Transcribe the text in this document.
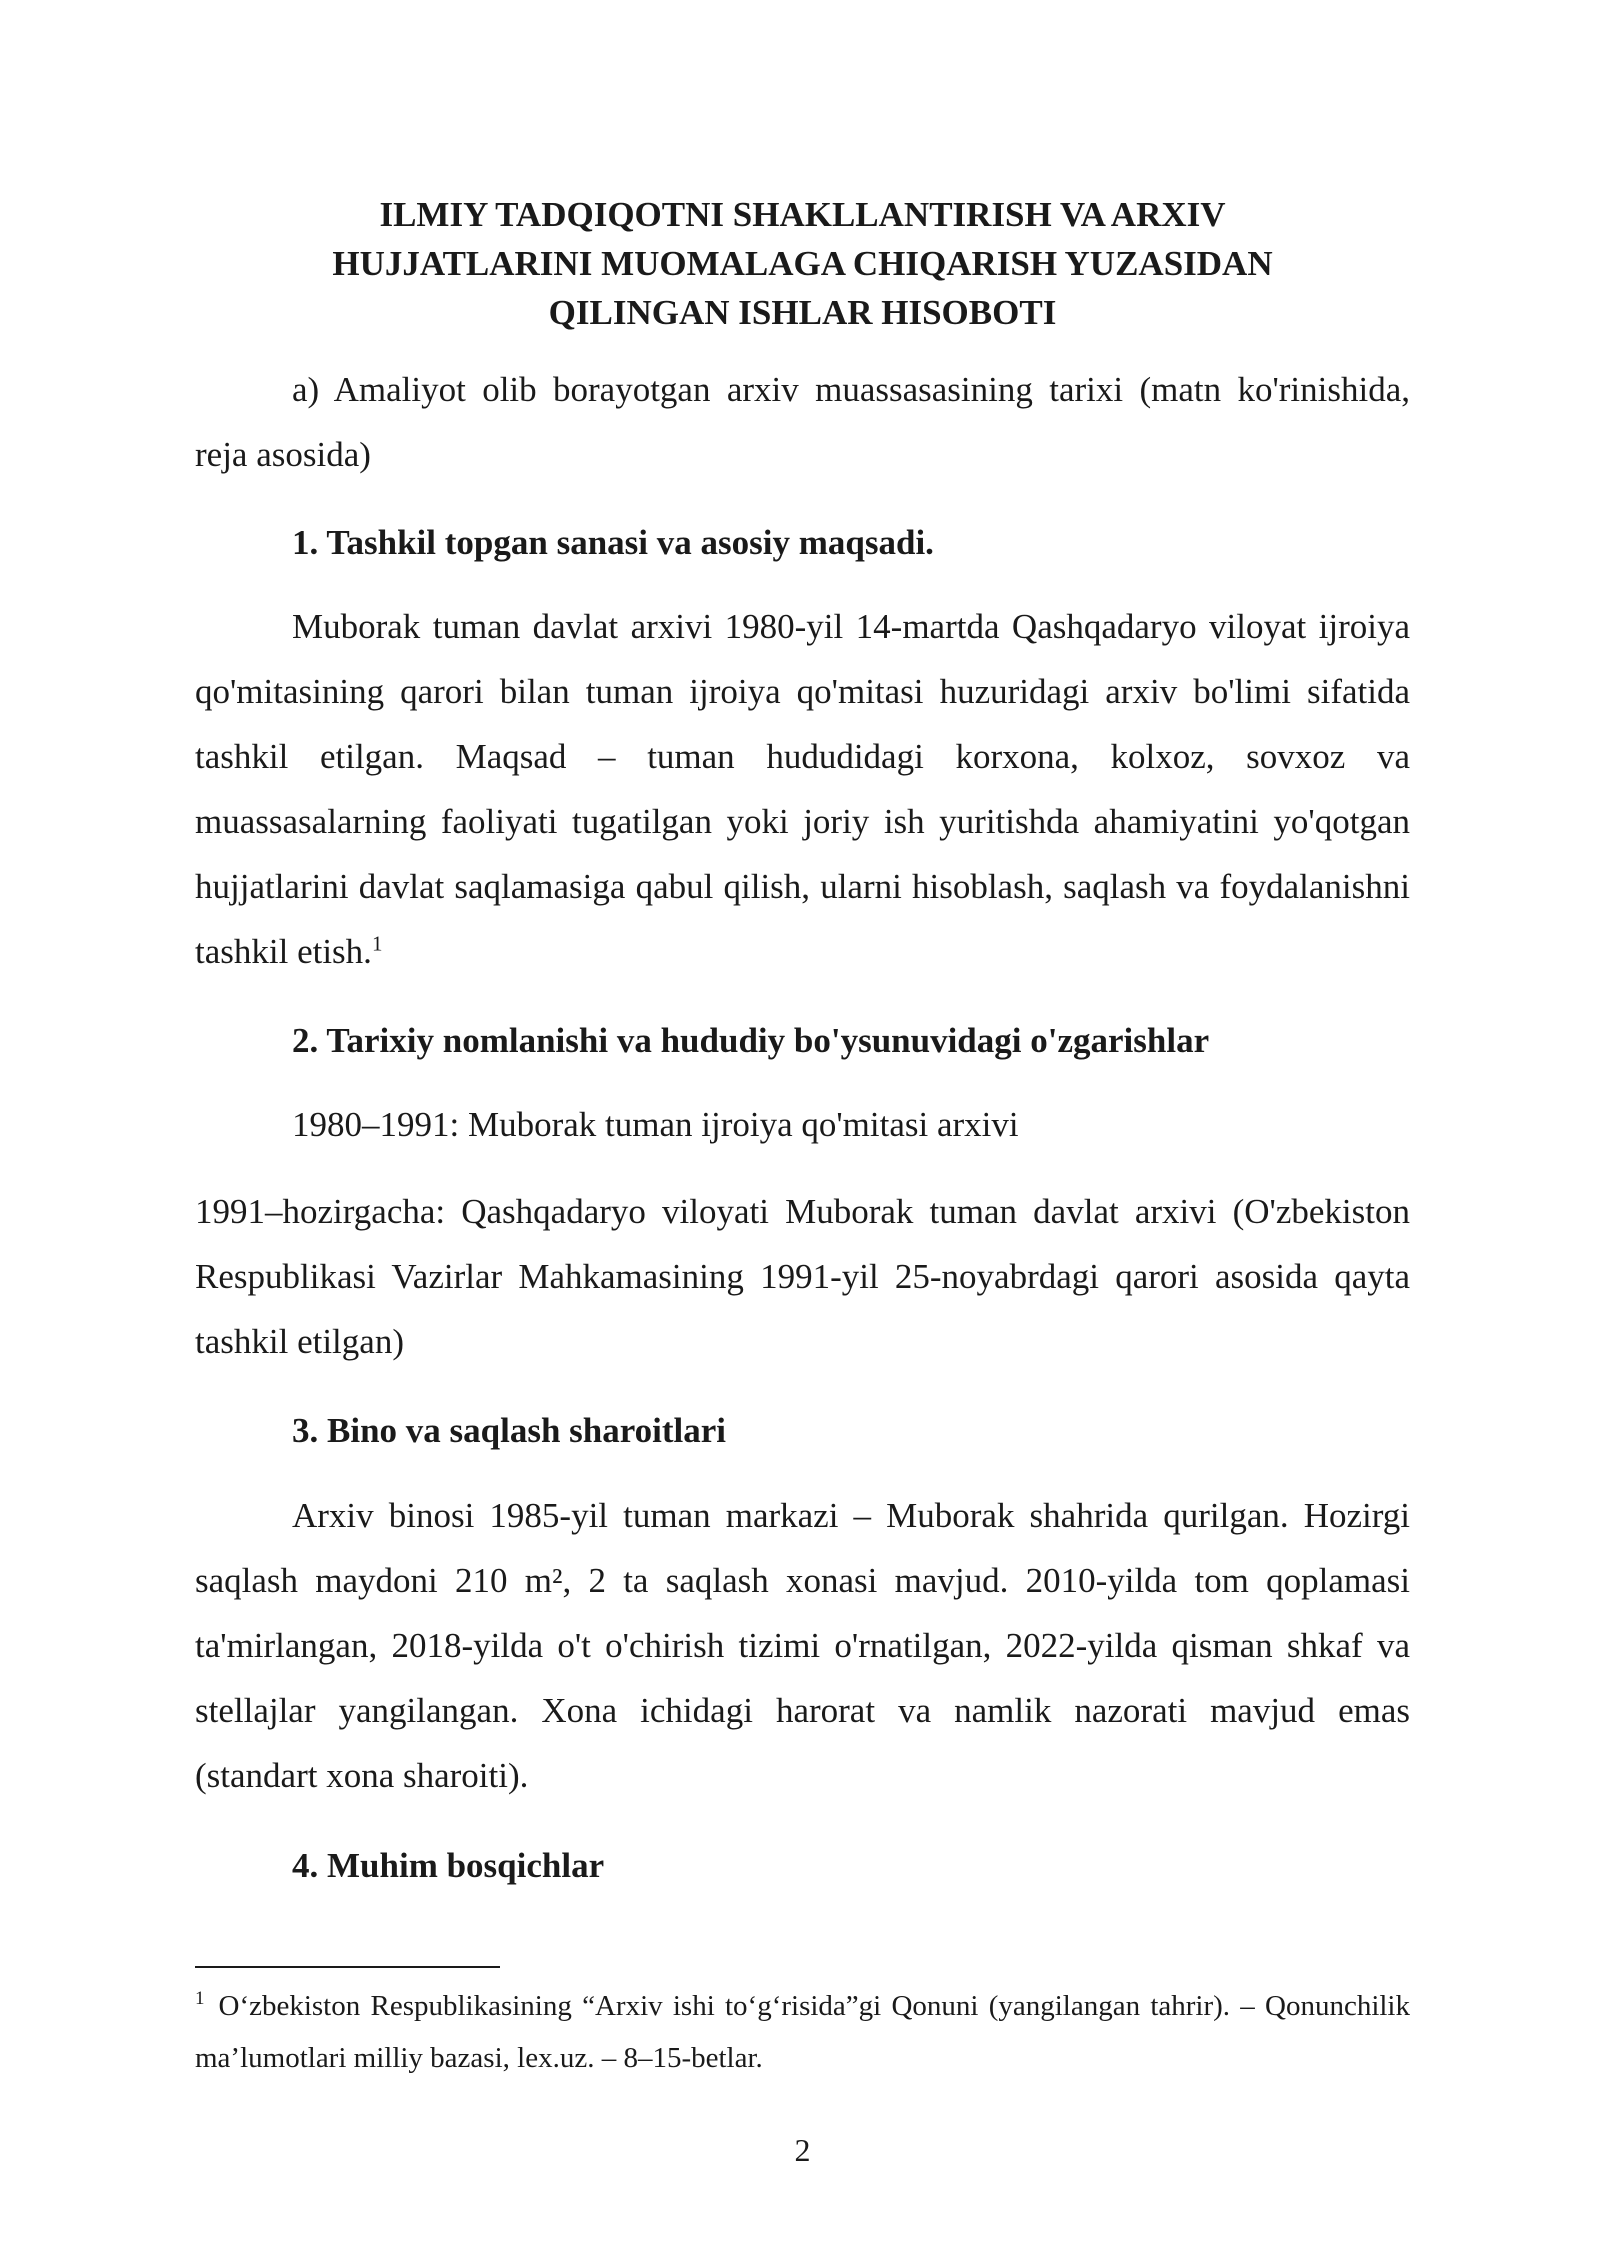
ILMIY TADQIQOTNI SHAKLLANTIRISH VA ARXIV
HUJJATLARINI MUOMALAGA CHIQARISH YUZASIDAN
QILINGAN ISHLAR HISOBOTI

a) Amaliyot olib borayotgan arxiv muassasasining tarixi (matn ko'rinishida, reja asosida)

1. Tashkil topgan sanasi va asosiy maqsadi.

Muborak tuman davlat arxivi 1980-yil 14-martda Qashqadaryo viloyat ijroiya qo'mitasining qarori bilan tuman ijroiya qo'mitasi huzuridagi arxiv bo'limi sifatida tashkil etilgan. Maqsad – tuman hududidagi korxona, kolxoz, sovxoz va muassasalarning faoliyati tugatilgan yoki joriy ish yuritishda ahamiyatini yo'qotgan hujjatlarini davlat saqlamasiga qabul qilish, ularni hisoblash, saqlash va foydalanishni tashkil etish.$^1$

2. Tarixiy nomlanishi va hududiy bo'ysunuvidagi o'zgarishlar

1980–1991: Muborak tuman ijroiya qo'mitasi arxivi

1991–hozirgacha: Qashqadaryo viloyati Muborak tuman davlat arxivi (O'zbekiston Respublikasi Vazirlar Mahkamasining 1991-yil 25-noyabrdagi qarori asosida qayta tashkil etilgan)

3. Bino va saqlash sharoitlari

Arxiv binosi 1985-yil tuman markazi – Muborak shahrida qurilgan. Hozirgi saqlash maydoni 210 m², 2 ta saqlash xonasi mavjud. 2010-yilda tom qoplamasi ta'mirlangan, 2018-yilda o't o'chirish tizimi o'rnatilgan, 2022-yilda qisman shkaf va stellajlar yangilangan. Xona ichidagi harorat va namlik nazorati mavjud emas (standart xona sharoiti).

4. Muhim bosqichlar

$^1$ O‘zbekiston Respublikasining “Arxiv ishi to‘g‘risida”gi Qonuni (yangilangan tahrir). – Qonunchilik ma’lumotlari milliy bazasi, lex.uz. – 8–15-betlar.

2
